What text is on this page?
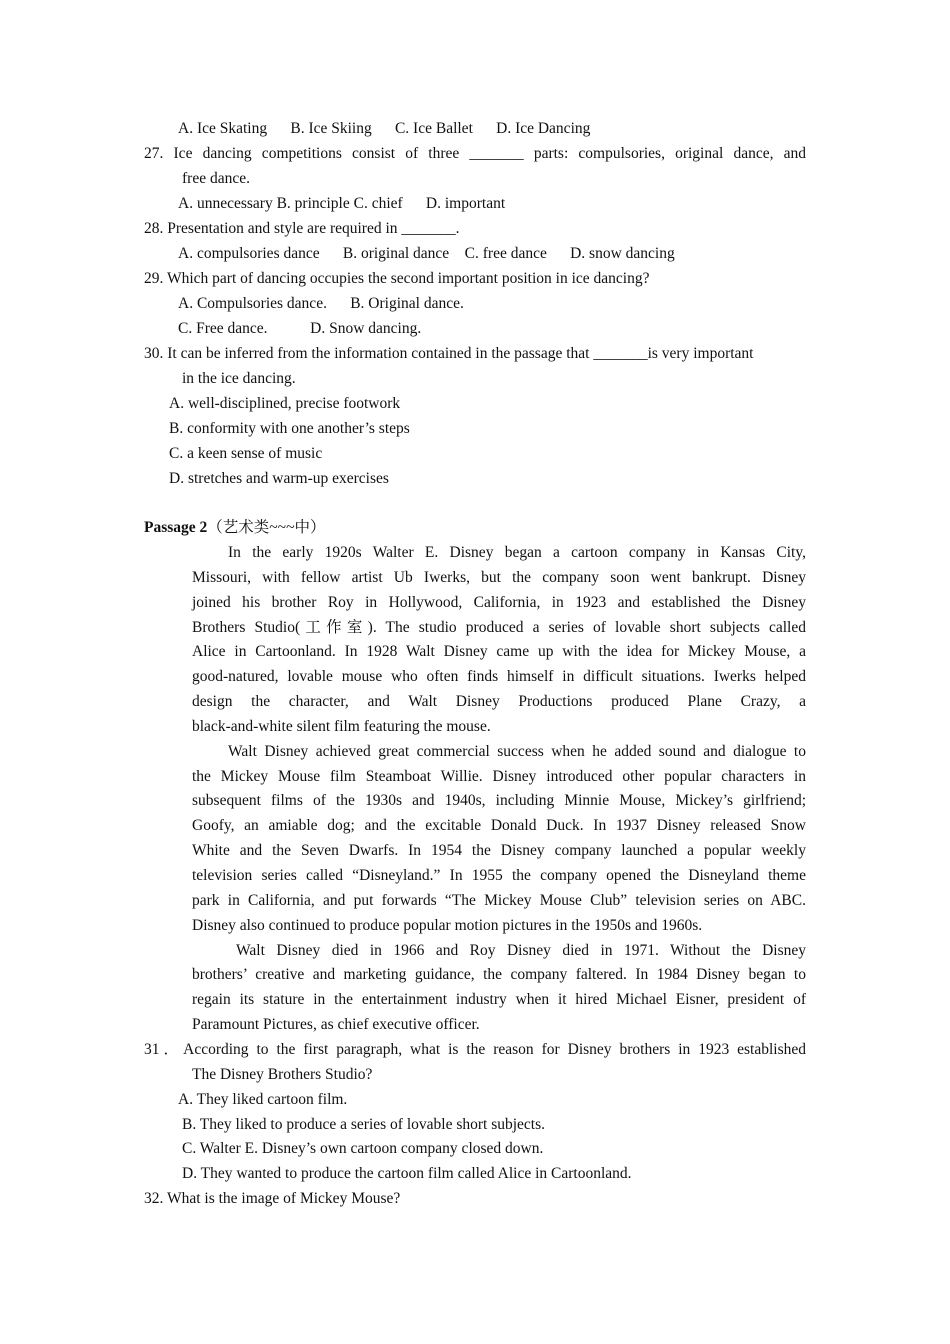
A. Ice Skating      B. Ice Skiing      C. Ice Ballet      D. Ice Dancing
27. Ice dancing competitions consist of three _______ parts: compulsories, original dance, and
free dance.
A. unnecessary B. principle C. chief      D. important
28. Presentation and style are required in _______.
A. compulsories dance      B. original dance    C. free dance      D. snow dancing
29. Which part of dancing occupies the second important position in ice dancing?
A. Compulsories dance.      B. Original dance.
C. Free dance.           D. Snow dancing.
30. It can be inferred from the information contained in the passage that _______is very important
in the ice dancing.
A. well-disciplined, precise footwork
B. conformity with one another’s steps
C. a keen sense of music
D. stretches and warm-up exercises
Passage 2（艺术类~~~中）
In the early 1920s Walter E. Disney began a cartoon company in Kansas City,
Missouri, with fellow artist Ub Iwerks, but the company soon went bankrupt. Disney
joined his brother Roy in Hollywood, California, in 1923 and established the Disney
Brothers Studio(工作室). The studio produced a series of lovable short subjects called
Alice in Cartoonland. In 1928 Walt Disney came up with the idea for Mickey Mouse, a
good-natured, lovable mouse who often finds himself in difficult situations. Iwerks helped
design the character, and Walt Disney Productions produced Plane Crazy, a
black-and-white silent film featuring the mouse.
Walt Disney achieved great commercial success when he added sound and dialogue to
the Mickey Mouse film Steamboat Willie. Disney introduced other popular characters in
subsequent films of the 1930s and 1940s, including Minnie Mouse, Mickey’s girlfriend;
Goofy, an amiable dog; and the excitable Donald Duck. In 1937 Disney released Snow
White and the Seven Dwarfs. In 1954 the Disney company launched a popular weekly
television series called “Disneyland.” In 1955 the company opened the Disneyland theme
park in California, and put forwards “The Mickey Mouse Club” television series on ABC.
Disney also continued to produce popular motion pictures in the 1950s and 1960s.
Walt Disney died in 1966 and Roy Disney died in 1971. Without the Disney
brothers’ creative and marketing guidance, the company faltered. In 1984 Disney began to
regain its stature in the entertainment industry when it hired Michael Eisner, president of
Paramount Pictures, as chief executive officer.
31．According to the first paragraph, what is the reason for Disney brothers in 1923 established
The Disney Brothers Studio?
A. They liked cartoon film.
B. They liked to produce a series of lovable short subjects.
C. Walter E. Disney’s own cartoon company closed down.
D. They wanted to produce the cartoon film called Alice in Cartoonland.
32. What is the image of Mickey Mouse?
